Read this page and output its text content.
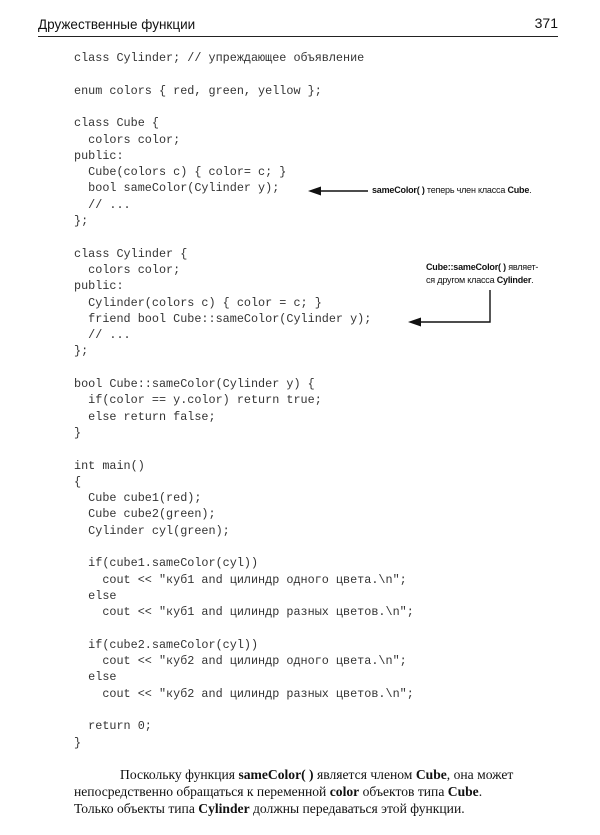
Дружественные функции	371
class Cylinder; // упреждающее объявление
enum colors { red, green, yellow };
class Cube {
colors color;
public:
Cube(colors c) { color= c; }
bool sameColor(Cylinder y);
// ...
};
class Cylinder {
colors color;
public:
Cylinder(colors c) { color = c; }
friend bool Cube::sameColor(Cylinder y);
// ...
};
bool Cube::sameColor(Cylinder y) {
if(color == y.color) return true;
else return false;
}
int main()
{
Cube cube1(red);
Cube cube2(green);
Cylinder cyl(green);
if(cube1.sameColor(cyl))
cout << "куб1 and цилиндр одного цвета.\n";
else
cout << "куб1 and цилиндр разных цветов.\n";
if(cube2.sameColor(cyl))
cout << "куб2 and цилиндр одного цвета.\n";
else
cout << "куб2 and цилиндр разных цветов.\n";
return 0;
}
sameColor( ) теперь член класса Cube.
Cube::sameColor( ) являет-
ся другом класса Cylinder.

Поскольку функция sameColor( ) является членом Cube, она может

непосредственно обращаться к переменной color объектов типа Cube.

Только объекты типа Cylinder должны передаваться этой функции.
